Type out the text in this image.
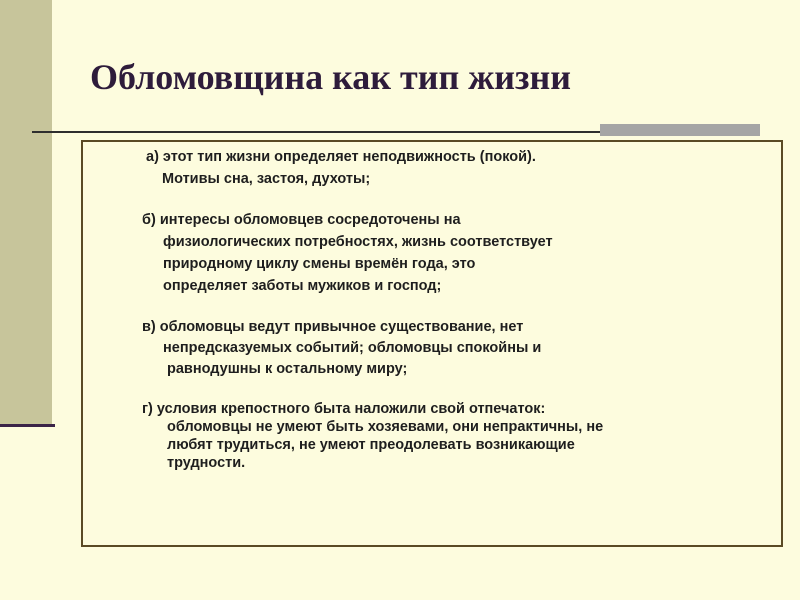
Обломовщина как тип жизни

а) этот тип жизни определяет неподвижность (покой).
Мотивы сна, застоя, духоты;

б) интересы обломовцев сосредоточены на
физиологических потребностях, жизнь соответствует
природному циклу смены времён года, это
определяет заботы мужиков и господ;

в) обломовцы ведут привычное существование, нет
непредсказуемых событий; обломовцы спокойны и
равнодушны к остальному миру;

г) условия крепостного быта наложили свой отпечаток:
обломовцы не умеют быть хозяевами, они непрактичны, не
любят трудиться, не умеют преодолевать возникающие
трудности.
